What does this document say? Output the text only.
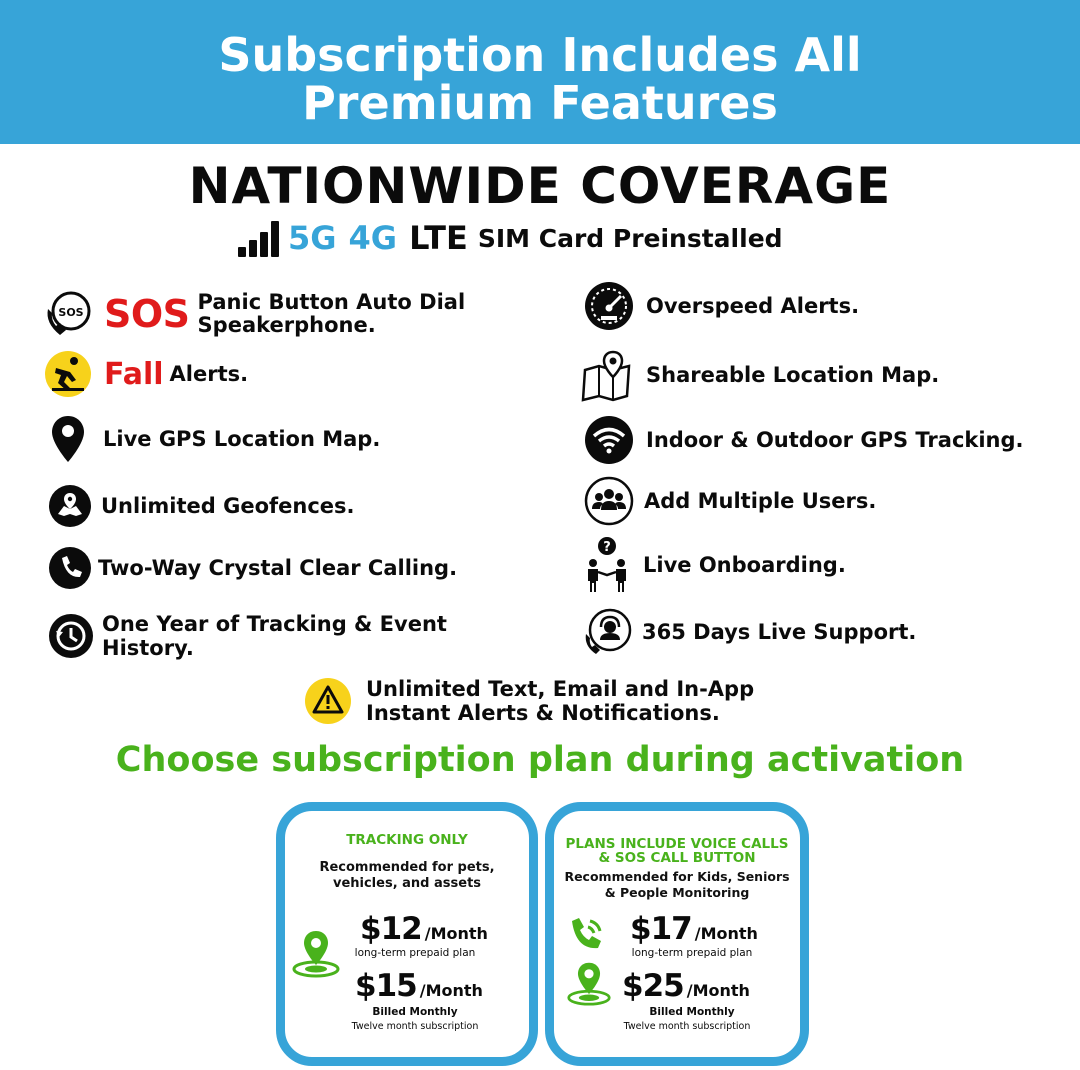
Subscription Includes All
Premium Features
NATIONWIDE COVERAGE
5G 4G LTE SIM Card Preinstalled
SOS SOS Panic Button Auto Dial
Speakerphone.
Fall Alerts.
Live GPS Location Map.
Unlimited Geofences.
Two-Way Crystal Clear Calling.
One Year of Tracking & Event
History.
Overspeed Alerts.
Shareable Location Map.
Indoor & Outdoor GPS Tracking.
Add Multiple Users.
?
Live Onboarding.
365 Days Live Support.
Unlimited Text, Email and In-App
Instant Alerts & Notifications.
Choose subscription plan during activation
TRACKING ONLY
Recommended for pets,
vehicles, and assets
$12 /Month
long-term prepaid plan
$15 /Month
Billed Monthly
Twelve month subscription
PLANS INCLUDE VOICE CALLS
& SOS CALL BUTTON
Recommended for Kids, Seniors
& People Monitoring
$17 /Month
long-term prepaid plan
$25 /Month
Billed Monthly
Twelve month subscription
